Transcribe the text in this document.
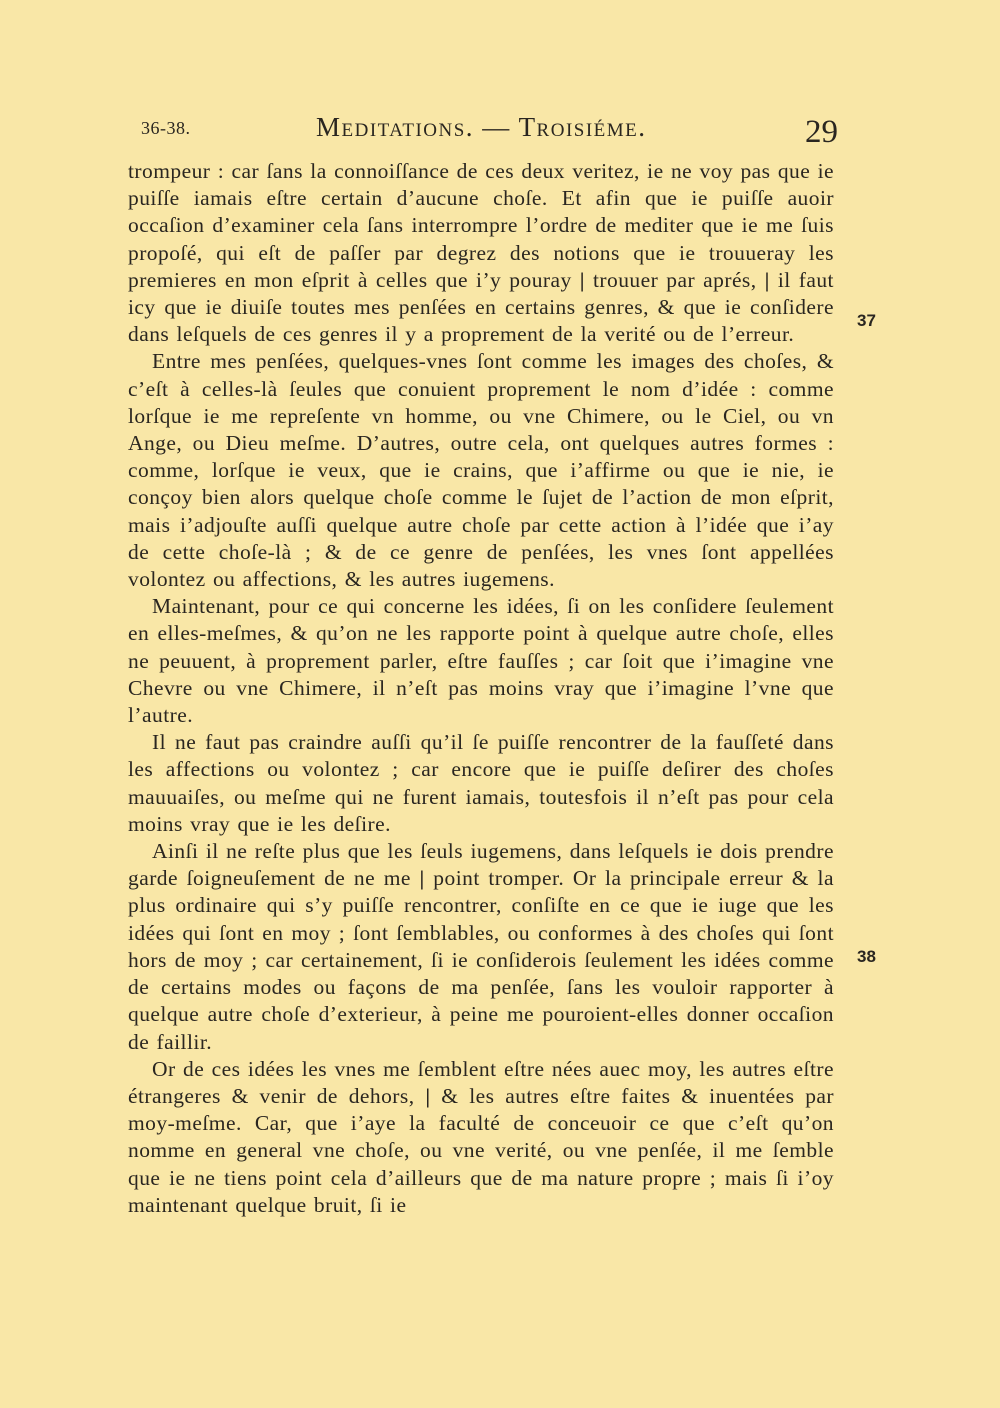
36-38.	Meditations. — Troisiéme.	29

trompeur : car ſans la connoiſſance de ces deux veritez, ie ne voy pas que ie puiſſe iamais eſtre certain d’aucune choſe. Et afin que ie puiſſe auoir occaſion d’examiner cela ſans interrompre l’ordre de mediter que ie me ſuis propoſé, qui eſt de paſſer par degrez des notions que ie trouueray les premieres en mon eſprit à celles que i’y pouray | trouuer par aprés, | il faut icy que ie diuiſe toutes mes penſées en certains genres, & que ie conſidere dans leſquels de ces genres il y a proprement de la verité ou de l’erreur.

Entre mes penſées, quelques-vnes ſont comme les images des choſes, & c’eſt à celles-là ſeules que conuient proprement le nom d’idée : comme lorſque ie me repreſente vn homme, ou vne Chimere, ou le Ciel, ou vn Ange, ou Dieu meſme. D’autres, outre cela, ont quelques autres formes : comme, lorſque ie veux, que ie crains, que i’affirme ou que ie nie, ie conçoy bien alors quelque choſe comme le ſujet de l’action de mon eſprit, mais i’adjouſte auſſi quelque autre choſe par cette action à l’idée que i’ay de cette choſe-là ; & de ce genre de penſées, les vnes ſont appellées volontez ou affections, & les autres iugemens.

Maintenant, pour ce qui concerne les idées, ſi on les conſidere ſeulement en elles-meſmes, & qu’on ne les rapporte point à quelque autre choſe, elles ne peuuent, à proprement parler, eſtre fauſſes ; car ſoit que i’imagine vne Chevre ou vne Chimere, il n’eſt pas moins vray que i’imagine l’vne que l’autre.

Il ne faut pas craindre auſſi qu’il ſe puiſſe rencontrer de la fauſſeté dans les affections ou volontez ; car encore que ie puiſſe deſirer des choſes mauuaiſes, ou meſme qui ne furent iamais, toutesfois il n’eſt pas pour cela moins vray que ie les deſire.

Ainſi il ne reſte plus que les ſeuls iugemens, dans leſquels ie dois prendre garde ſoigneuſement de ne me | point tromper. Or la principale erreur & la plus ordinaire qui s’y puiſſe rencontrer, conſiſte en ce que ie iuge que les idées qui ſont en moy ; ſont ſemblables, ou conformes à des choſes qui ſont hors de moy ; car certainement, ſi ie conſiderois ſeulement les idées comme de certains modes ou façons de ma penſée, ſans les vouloir rapporter à quelque autre choſe d’exterieur, à peine me pouroient-elles donner occaſion de faillir.

Or de ces idées les vnes me ſemblent eſtre nées auec moy, les autres eſtre étrangeres & venir de dehors, | & les autres eſtre faites & inuentées par moy-meſme. Car, que i’aye la faculté de conceuoir ce que c’eſt qu’on nomme en general vne choſe, ou vne verité, ou vne penſée, il me ſemble que ie ne tiens point cela d’ailleurs que de ma nature propre ; mais ſi i’oy maintenant quelque bruit, ſi ie

37
38
